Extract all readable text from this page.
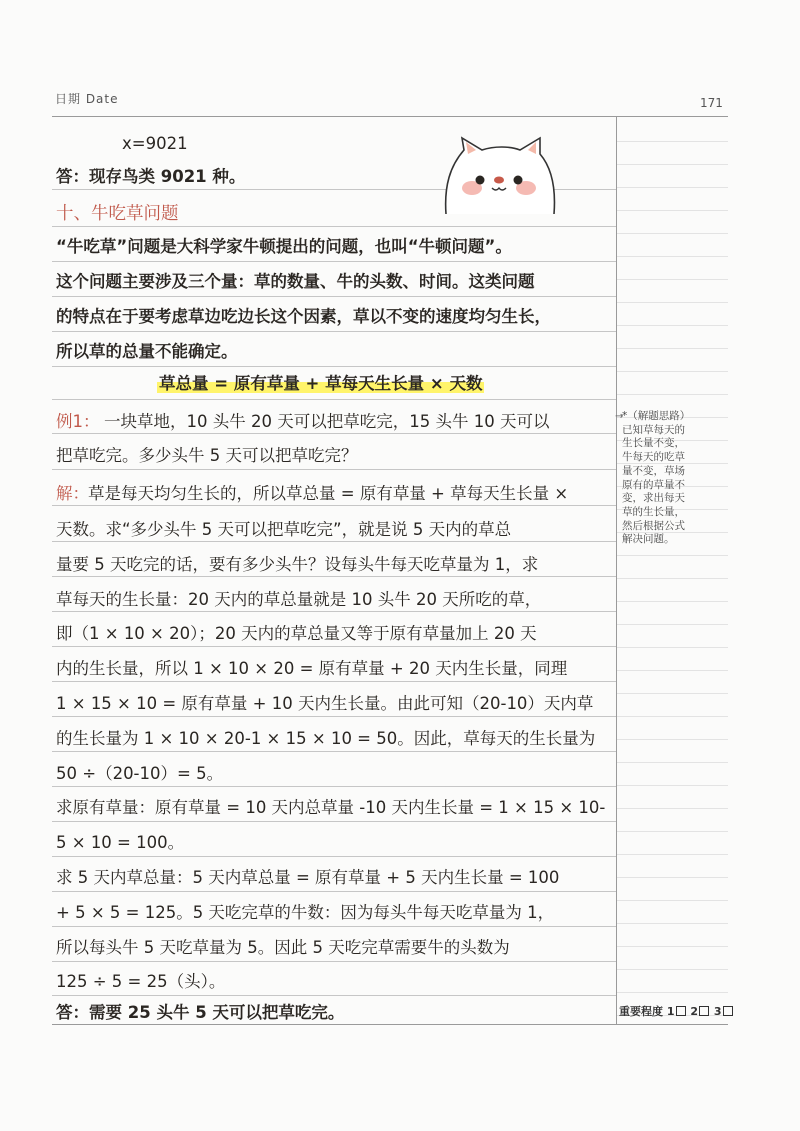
日期 Date	171
x=9021
答：现存鸟类 9021 种。
十、牛吃草问题
“牛吃草”问题是大科学家牛顿提出的问题，也叫“牛顿问题”。
这个问题主要涉及三个量：草的数量、牛的头数、时间。这类问题
的特点在于要考虑草边吃边长这个因素，草以不变的速度均匀生长，
所以草的总量不能确定。
草总量 = 原有草量 + 草每天生长量 × 天数
例1： 一块草地，10 头牛 20 天可以把草吃完，15 头牛 10 天可以
把草吃完。多少头牛 5 天可以把草吃完？
解： 草是每天均匀生长的，所以草总量 = 原有草量 + 草每天生长量 ×
天数。求“多少头牛 5 天可以把草吃完”，就是说 5 天内的草总
量要 5 天吃完的话，要有多少头牛？设每头牛每天吃草量为 1，求
草每天的生长量：20 天内的草总量就是 10 头牛 20 天所吃的草，
即（1 × 10 × 20）；20 天内的草总量又等于原有草量加上 20 天
内的生长量，所以 1 × 10 × 20 = 原有草量 + 20 天内生长量，同理
1 × 15 × 10 = 原有草量 + 10 天内生长量。由此可知（20-10）天内草
的生长量为 1 × 10 × 20-1 × 15 × 10 = 50。因此，草每天的生长量为
50 ÷（20-10）= 5。
求原有草量：原有草量 = 10 天内总草量 -10 天内生长量 = 1 × 15 × 10-
5 × 10 = 100。
求 5 天内草总量：5 天内草总量 = 原有草量 + 5 天内生长量 = 100
+ 5 × 5 = 125。5 天吃完草的牛数：因为每头牛每天吃草量为 1，
所以每头牛 5 天吃草量为 5。因此 5 天吃完草需要牛的头数为
125 ÷ 5 = 25（头）。
答：需要 25 头牛 5 天可以把草吃完。
→
*（解题思路）
已知草每天的
生长量不变，
牛每天的吃草
量不变，草场
原有的草量不
变，求出每天
草的生长量，
然后根据公式
解决问题。
重要程度 1 2 3
